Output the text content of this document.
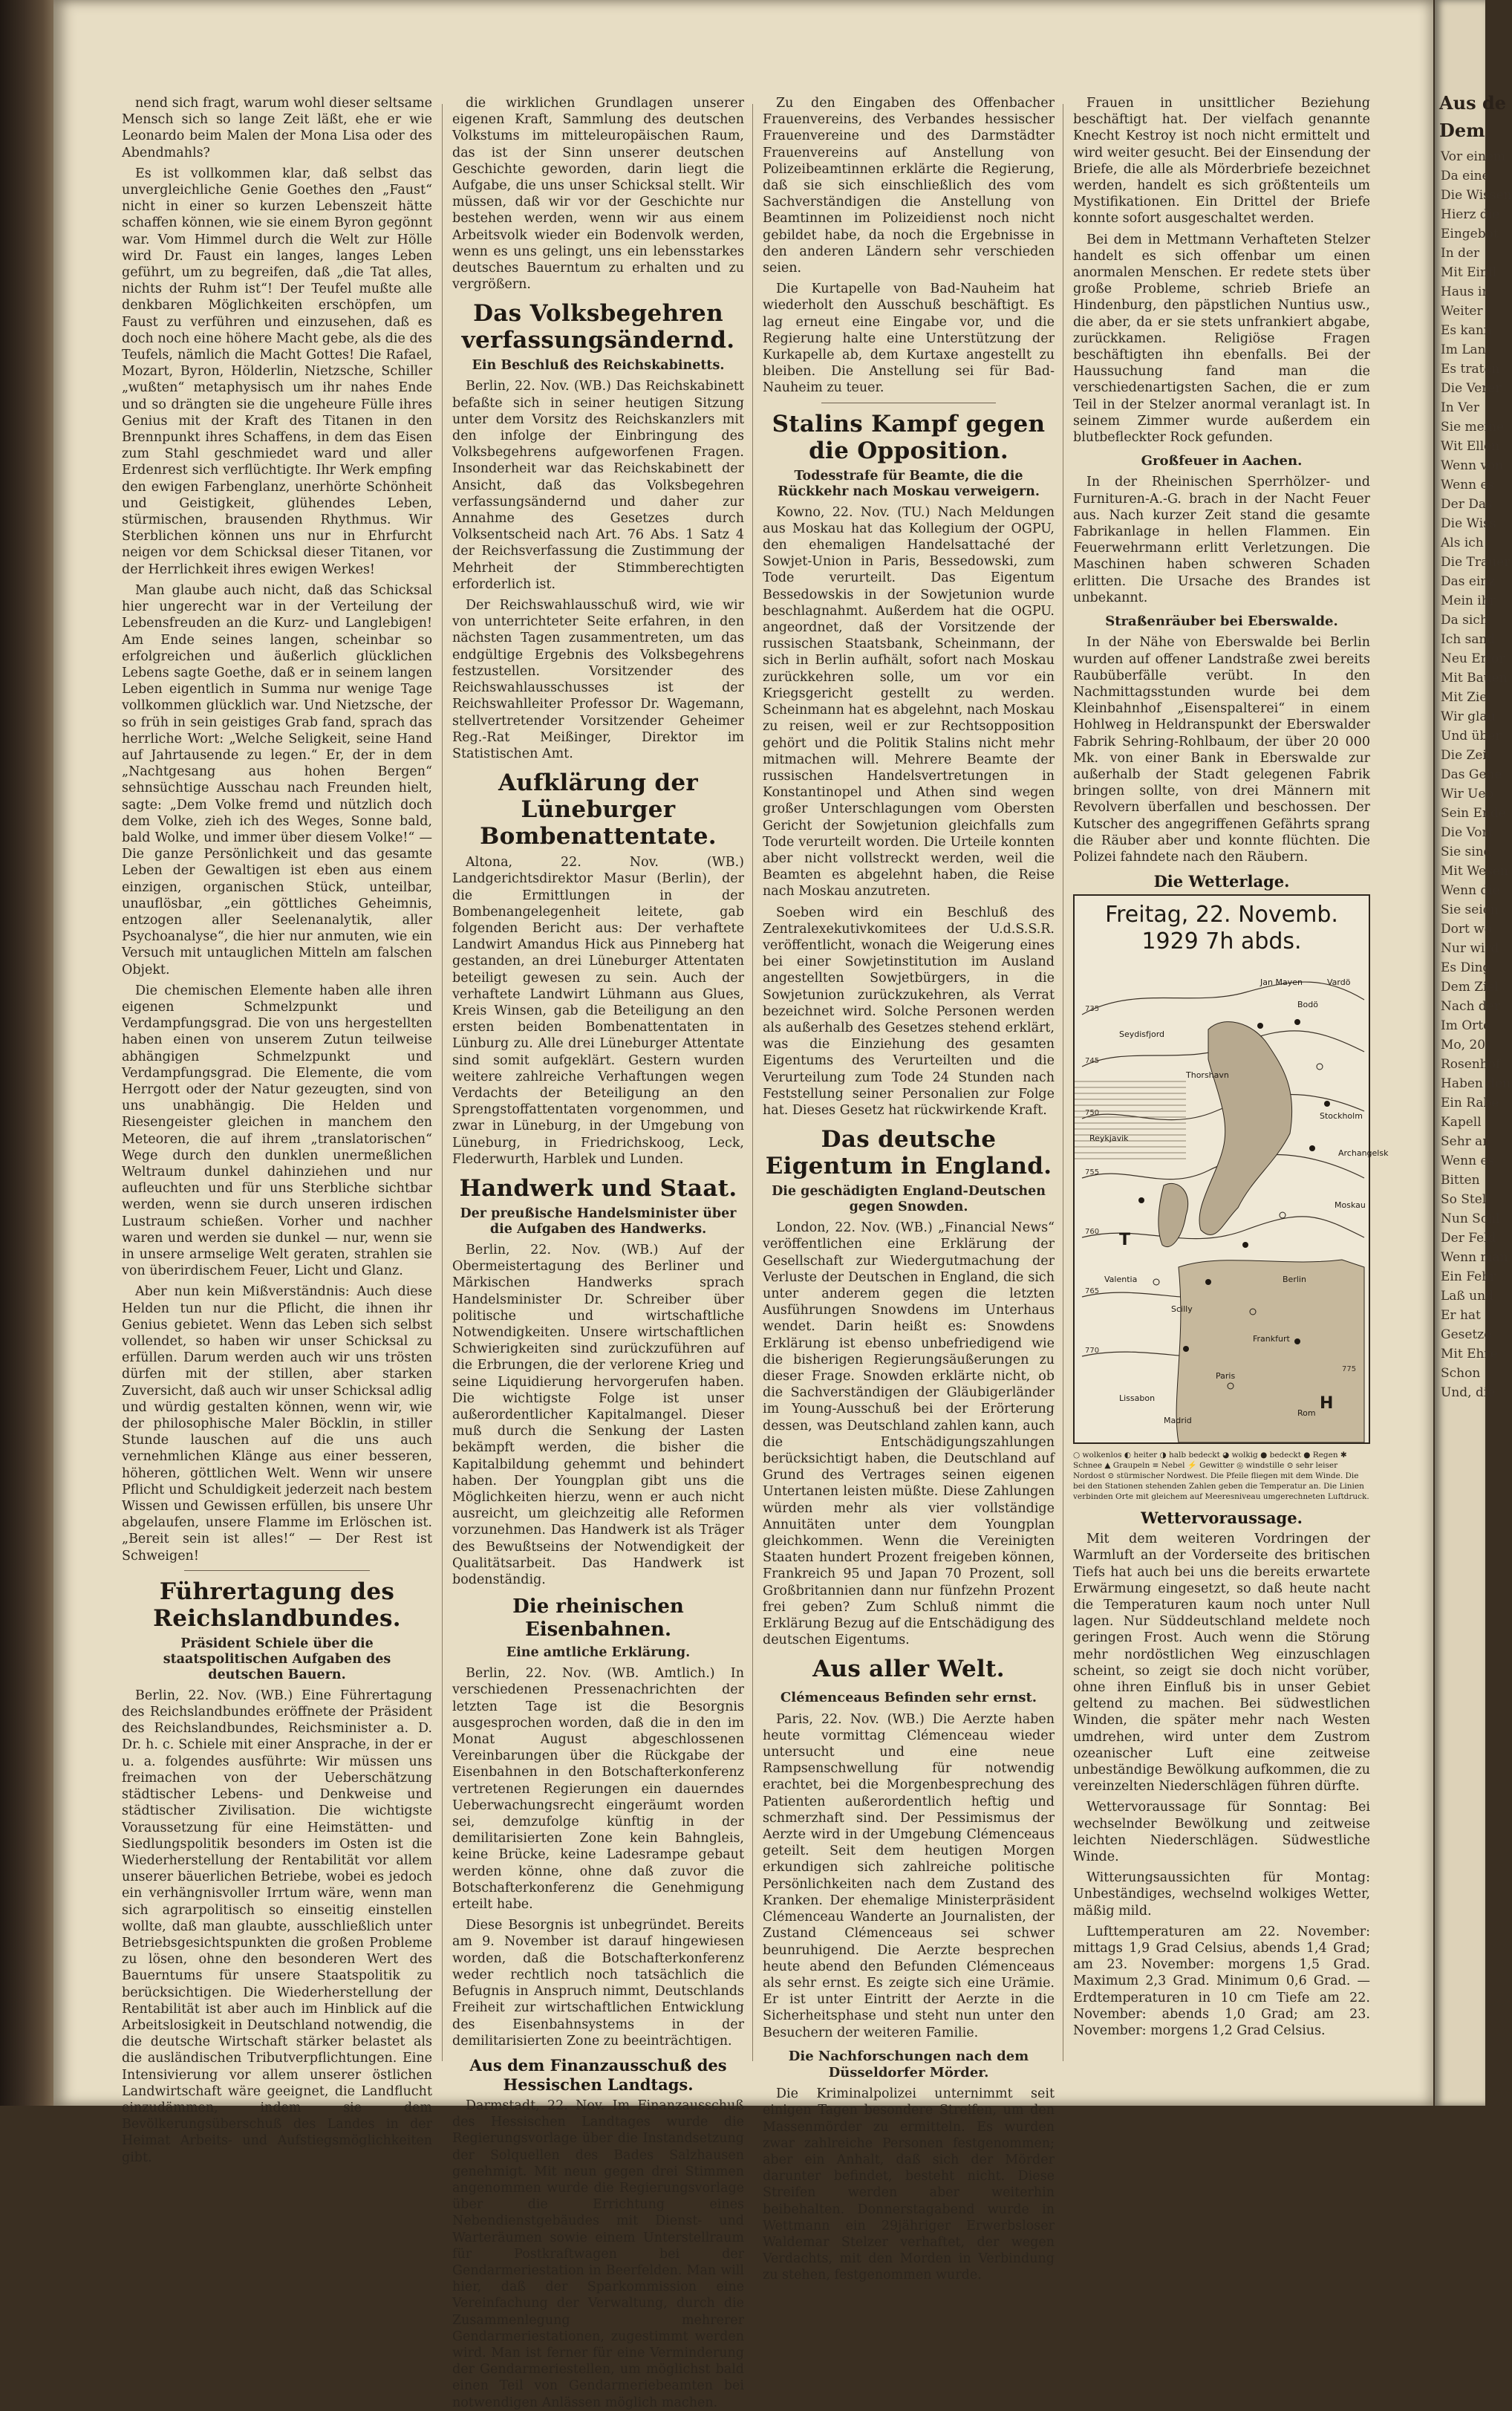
nend sich fragt, warum wohl dieser seltsame Mensch sich so lange Zeit läßt, ehe er wie Leonardo beim Malen der Mona Lisa oder des Abendmahls?

Es ist vollkommen klar, daß selbst das unvergleichliche Genie Goethes den „Faust“ nicht in einer so kurzen Lebenszeit hätte schaffen können, wie sie einem Byron gegönnt war. Vom Himmel durch die Welt zur Hölle wird Dr. Faust ein langes, langes Leben geführt, um zu begreifen, daß „die Tat alles, nichts der Ruhm ist“! Der Teufel mußte alle denkbaren Möglichkeiten erschöpfen, um Faust zu verführen und einzusehen, daß es doch noch eine höhere Macht gebe, als die des Teufels, nämlich die Macht Gottes! Die Rafael, Mozart, Byron, Hölderlin, Nietzsche, Schiller „wußten“ metaphysisch um ihr nahes Ende und so drängten sie die ungeheure Fülle ihres Genius mit der Kraft des Titanen in den Brennpunkt ihres Schaffens, in dem das Eisen zum Stahl geschmiedet ward und aller Erdenrest sich verflüchtigte. Ihr Werk empfing den ewigen Farbenglanz, unerhörte Schönheit und Geistigkeit, glühendes Leben, stürmischen, brausenden Rhythmus. Wir Sterblichen können uns nur in Ehrfurcht neigen vor dem Schicksal dieser Titanen, vor der Herrlichkeit ihres ewigen Werkes!

Man glaube auch nicht, daß das Schicksal hier ungerecht war in der Verteilung der Lebensfreuden an die Kurz- und Langlebigen! Am Ende seines langen, scheinbar so erfolgreichen und äußerlich glücklichen Lebens sagte Goethe, daß er in seinem langen Leben eigentlich in Summa nur wenige Tage vollkommen glücklich war. Und Nietzsche, der so früh in sein geistiges Grab fand, sprach das herrliche Wort: „Welche Seligkeit, seine Hand auf Jahrtausende zu legen.“ Er, der in dem „Nachtgesang aus hohen Bergen“ sehnsüchtige Ausschau nach Freunden hielt, sagte: „Dem Volke fremd und nützlich doch dem Volke, zieh ich des Weges, Sonne bald, bald Wolke, und immer über diesem Volke!“ — Die ganze Persönlichkeit und das gesamte Leben der Gewaltigen ist eben aus einem einzigen, organischen Stück, unteilbar, unauflösbar, „ein göttliches Geheimnis, entzogen aller Seelenanalytik, aller Psychoanalyse“, die hier nur anmuten, wie ein Versuch mit untauglichen Mitteln am falschen Objekt.

Die chemischen Elemente haben alle ihren eigenen Schmelzpunkt und Verdampfungsgrad. Die von uns hergestellten haben einen von unserem Zutun teilweise abhängigen Schmelzpunkt und Verdampfungsgrad. Die Elemente, die vom Herrgott oder der Natur gezeugten, sind von uns unabhängig. Die Helden und Riesengeister gleichen in manchem den Meteoren, die auf ihrem „translatorischen“ Wege durch den dunklen unermeßlichen Weltraum dunkel dahinziehen und nur aufleuchten und für uns Sterbliche sichtbar werden, wenn sie durch unseren irdischen Lustraum schießen. Vorher und nachher waren und werden sie dunkel — nur, wenn sie in unsere armselige Welt geraten, strahlen sie von überirdischem Feuer, Licht und Glanz.

Aber nun kein Mißverständnis: Auch diese Helden tun nur die Pflicht, die ihnen ihr Genius gebietet. Wenn das Leben sich selbst vollendet, so haben wir unser Schicksal zu erfüllen. Darum werden auch wir uns trösten dürfen mit der stillen, aber starken Zuversicht, daß auch wir unser Schicksal adlig und würdig gestalten können, wenn wir, wie der philosophische Maler Böcklin, in stiller Stunde lauschen auf die uns auch vernehmlichen Klänge aus einer besseren, höheren, göttlichen Welt. Wenn wir unsere Pflicht und Schuldigkeit jederzeit nach bestem Wissen und Gewissen erfüllen, bis unsere Uhr abgelaufen, unsere Flamme im Erlöschen ist. „Bereit sein ist alles!“ — Der Rest ist Schweigen!

Führertagung des Reichslandbundes.
Präsident Schiele über die staatspolitischen Aufgaben des deutschen Bauern.

Berlin, 22. Nov. (WB.) Eine Führertagung des Reichslandbundes eröffnete der Präsident des Reichslandbundes, Reichsminister a. D. Dr. h. c. Schiele mit einer Ansprache, in der er u. a. folgendes ausführte: Wir müssen uns freimachen von der Ueberschätzung städtischer Lebens- und Denkweise und städtischer Zivilisation. Die wichtigste Voraussetzung für eine Heimstätten- und Siedlungspolitik besonders im Osten ist die Wiederherstellung der Rentabilität vor allem unserer bäuerlichen Betriebe, wobei es jedoch ein verhängnisvoller Irrtum wäre, wenn man sich agrarpolitisch so einseitig einstellen wollte, daß man glaubte, ausschließlich unter Betriebsgesichtspunkten die großen Probleme zu lösen, ohne den besonderen Wert des Bauerntums für unsere Staatspolitik zu berücksichtigen. Die Wiederherstellung der Rentabilität ist aber auch im Hinblick auf die Arbeitslosigkeit in Deutschland notwendig, die die deutsche Wirtschaft stärker belastet als die ausländischen Tributverpflichtungen. Eine Intensivierung vor allem unserer östlichen Landwirtschaft wäre geeignet, die Landflucht einzudämmen, indem sie dem Bevölkerungsüberschuß des Landes in der Heimat Arbeits- und Aufstiegsmöglichkeiten gibt.

die wirklichen Grundlagen unserer eigenen Kraft, Sammlung des deutschen Volkstums im mitteleuropäischen Raum, das ist der Sinn unserer deutschen Geschichte geworden, darin liegt die Aufgabe, die uns unser Schicksal stellt. Wir müssen, daß wir vor der Geschichte nur bestehen werden, wenn wir aus einem Arbeitsvolk wieder ein Bodenvolk werden, wenn es uns gelingt, uns ein lebensstarkes deutsches Bauerntum zu erhalten und zu vergrößern.

Das Volksbegehren verfassungsändernd.
Ein Beschluß des Reichskabinetts.

Berlin, 22. Nov. (WB.) Das Reichskabinett befaßte sich in seiner heutigen Sitzung unter dem Vorsitz des Reichskanzlers mit den infolge der Einbringung des Volksbegehrens aufgeworfenen Fragen. Insonderheit war das Reichskabinett der Ansicht, daß das Volksbegehren verfassungsändernd und daher zur Annahme des Gesetzes durch Volksentscheid nach Art. 76 Abs. 1 Satz 4 der Reichsverfassung die Zustimmung der Mehrheit der Stimmberechtigten erforderlich ist.

Der Reichswahlausschuß wird, wie wir von unterrichteter Seite erfahren, in den nächsten Tagen zusammentreten, um das endgültige Ergebnis des Volksbegehrens festzustellen. Vorsitzender des Reichswahlausschusses ist der Reichswahlleiter Professor Dr. Wagemann, stellvertretender Vorsitzender Geheimer Reg.-Rat Meißinger, Direktor im Statistischen Amt.

Aufklärung der Lüneburger Bombenattentate.

Altona, 22. Nov. (WB.) Landgerichtsdirektor Masur (Berlin), der die Ermittlungen in der Bombenangelegenheit leitete, gab folgenden Bericht aus: Der verhaftete Landwirt Amandus Hick aus Pinneberg hat gestanden, an drei Lüneburger Attentaten beteiligt gewesen zu sein. Auch der verhaftete Landwirt Lühmann aus Glues, Kreis Winsen, gab die Beteiligung an den ersten beiden Bombenattentaten in Lünburg zu. Alle drei Lüneburger Attentate sind somit aufgeklärt. Gestern wurden weitere zahlreiche Verhaftungen wegen Verdachts der Beteiligung an den Sprengstoffattentaten vorgenommen, und zwar in Lüneburg, in der Umgebung von Lüneburg, in Friedrichskoog, Leck, Flederwurth, Harblek und Lunden.

Handwerk und Staat.
Der preußische Handelsminister über die Aufgaben des Handwerks.

Berlin, 22. Nov. (WB.) Auf der Obermeistertagung des Berliner und Märkischen Handwerks sprach Handelsminister Dr. Schreiber über politische und wirtschaftliche Notwendigkeiten. Unsere wirtschaftlichen Schwierigkeiten sind zurückzuführen auf die Erbrungen, die der verlorene Krieg und seine Liquidierung hervorgerufen haben. Die wichtigste Folge ist unser außerordentlicher Kapitalmangel. Dieser muß durch die Senkung der Lasten bekämpft werden, die bisher die Kapitalbildung gehemmt und behindert haben. Der Youngplan gibt uns die Möglichkeiten hierzu, wenn er auch nicht ausreicht, um gleichzeitig alle Reformen vorzunehmen. Das Handwerk ist als Träger des Bewußtseins der Notwendigkeit der Qualitätsarbeit. Das Handwerk ist bodenständig.

Die rheinischen Eisenbahnen.
Eine amtliche Erklärung.

Berlin, 22. Nov. (WB. Amtlich.) In verschiedenen Pressenachrichten der letzten Tage ist die Besorgnis ausgesprochen worden, daß die in den im Monat August abgeschlossenen Vereinbarungen über die Rückgabe der Eisenbahnen in den Botschafterkonferenz vertretenen Regierungen ein dauerndes Ueberwachungsrecht eingeräumt worden sei, demzufolge künftig in der demilitarisierten Zone kein Bahngleis, keine Brücke, keine Ladesrampe gebaut werden könne, ohne daß zuvor die Botschafterkonferenz die Genehmigung erteilt habe.

Diese Besorgnis ist unbegründet. Bereits am 9. November ist darauf hingewiesen worden, daß die Botschafterkonferenz weder rechtlich noch tatsächlich die Befugnis in Anspruch nimmt, Deutschlands Freiheit zur wirtschaftlichen Entwicklung des Eisenbahnsystems in der demilitarisierten Zone zu beeinträchtigen.

Aus dem Finanzausschuß des Hessischen Landtags.

Darmstadt, 22. Nov. Im Finanzausschuß des Hessischen Landtages wurde die Regierungsvorlage über die Instandsetzung der Solquellen des Bades Salzhausen genehmigt. Mit neun gegen drei Stimmen angenommen wurde die Regierungsvorlage über die Errichtung eines Nebendienstgebäudes mit Dienst- und Warteräumen sowie einem Unterstellraum für Postkraftwagen bei der Gendarmeriestation in Beerfelden. Man will hier, daß der Sparkommission eine Vereinfachung der Verwaltung, durch die Zusammenlegung mehrerer Gendarmeriestationen, zugestimmt werden wird. Man ist ferner für eine Verminderung der Gendarmeriestellen, um möglichst bald einen Teil von Gendarmeriebeamten bei notwendigen Anlässen möglich machen.

Zu den Eingaben des Offenbacher Frauenvereins, des Verbandes hessischer Frauenvereine und des Darmstädter Frauenvereins auf Anstellung von Polizeibeamtinnen erklärte die Regierung, daß sie sich einschließlich des vom Sachverständigen die Anstellung von Beamtinnen im Polizeidienst noch nicht gebildet habe, da noch die Ergebnisse in den anderen Ländern sehr verschieden seien.

Die Kurtapelle von Bad-Nauheim hat wiederholt den Ausschuß beschäftigt. Es lag erneut eine Eingabe vor, und die Regierung halte eine Unterstützung der Kurkapelle ab, dem Kurtaxe angestellt zu bleiben. Die Anstellung sei für Bad-Nauheim zu teuer.

Stalins Kampf gegen die Opposition.
Todesstrafe für Beamte, die die Rückkehr nach Moskau verweigern.

Kowno, 22. Nov. (TU.) Nach Meldungen aus Moskau hat das Kollegium der OGPU, den ehemaligen Handelsattaché der Sowjet-Union in Paris, Bessedowski, zum Tode verurteilt. Das Eigentum Bessedowskis in der Sowjetunion wurde beschlagnahmt. Außerdem hat die OGPU. angeordnet, daß der Vorsitzende der russischen Staatsbank, Scheinmann, der sich in Berlin aufhält, sofort nach Moskau zurückkehren solle, um vor ein Kriegsgericht gestellt zu werden. Scheinmann hat es abgelehnt, nach Moskau zu reisen, weil er zur Rechtsopposition gehört und die Politik Stalins nicht mehr mitmachen will. Mehrere Beamte der russischen Handelsvertretungen in Konstantinopel und Athen sind wegen großer Unterschlagungen vom Obersten Gericht der Sowjetunion gleichfalls zum Tode verurteilt worden. Die Urteile konnten aber nicht vollstreckt werden, weil die Beamten es abgelehnt haben, die Reise nach Moskau anzutreten.

Soeben wird ein Beschluß des Zentralexekutivkomitees der U.d.S.S.R. veröffentlicht, wonach die Weigerung eines bei einer Sowjetinstitution im Ausland angestellten Sowjetbürgers, in die Sowjetunion zurückzukehren, als Verrat bezeichnet wird. Solche Personen werden als außerhalb des Gesetzes stehend erklärt, was die Einziehung des gesamten Eigentums des Verurteilten und die Verurteilung zum Tode 24 Stunden nach Feststellung seiner Personalien zur Folge hat. Dieses Gesetz hat rückwirkende Kraft.

Das deutsche Eigentum in England.
Die geschädigten England-Deutschen gegen Snowden.

London, 22. Nov. (WB.) „Financial News“ veröffentlichen eine Erklärung der Gesellschaft zur Wiedergutmachung der Verluste der Deutschen in England, die sich unter anderem gegen die letzten Ausführungen Snowdens im Unterhaus wendet. Darin heißt es: Snowdens Erklärung ist ebenso unbefriedigend wie die bisherigen Regierungsäußerungen zu dieser Frage. Snowden erklärte nicht, ob die Sachverständigen der Gläubigerländer im Young-Ausschuß bei der Erörterung dessen, was Deutschland zahlen kann, auch die Entschädigungszahlungen berücksichtigt haben, die Deutschland auf Grund des Vertrages seinen eigenen Untertanen leisten müßte. Diese Zahlungen würden mehr als vier vollständige Annuitäten unter dem Youngplan gleichkommen. Wenn die Vereinigten Staaten hundert Prozent freigeben können, Frankreich 95 und Japan 70 Prozent, soll Großbritannien dann nur fünfzehn Prozent frei geben? Zum Schluß nimmt die Erklärung Bezug auf die Entschädigung des deutschen Eigentums.

Aus aller Welt.
Clémenceaus Befinden sehr ernst.

Paris, 22. Nov. (WB.) Die Aerzte haben heute vormittag Clémenceau wieder untersucht und eine neue Rampsenschwellung für notwendig erachtet, bei die Morgenbesprechung des Patienten außerordentlich heftig und schmerzhaft sind. Der Pessimismus der Aerzte wird in der Umgebung Clémenceaus geteilt. Seit dem heutigen Morgen erkundigen sich zahlreiche politische Persönlichkeiten nach dem Zustand des Kranken. Der ehemalige Ministerpräsident Clémenceau Wanderte an Journalisten, der Zustand Clémenceaus sei schwer beunruhigend. Die Aerzte besprechen heute abend den Befunden Clémenceaus als sehr ernst. Es zeigte sich eine Urämie. Er ist unter Eintritt der Aerzte in die Sicherheitsphase und steht nun unter den Besuchern der weiteren Familie.

Die Nachforschungen nach dem Düsseldorfer Mörder.

Die Kriminalpolizei unternimmt seit einigen Tagen besondere Streifen, um den Massenmörder zu ermitteln. Es wurden zwar zahlreiche Personen festgenommen; aber ein Anhalt, daß sich der Mörder darunter befindet, besteht nicht. Diese Streifen werden aber weiterhin beibehalten. Donnerstagabend wurde in Wettmann ein 29jähriger Erwerbsloser Waldemar Stelzer verhaftet, der wegen Verdachts, mit den Morden in Verbindung zu stehen, festgenommen wurde.

Frauen in unsittlicher Beziehung beschäftigt hat. Der vielfach genannte Knecht Kestroy ist noch nicht ermittelt und wird weiter gesucht. Bei der Einsendung der Briefe, die alle als Mörderbriefe bezeichnet werden, handelt es sich größtenteils um Mystifikationen. Ein Drittel der Briefe konnte sofort ausgeschaltet werden.

Bei dem in Mettmann Verhafteten Stelzer handelt es sich offenbar um einen anormalen Menschen. Er redete stets über große Probleme, schrieb Briefe an Hindenburg, den päpstlichen Nuntius usw., die aber, da er sie stets unfrankiert abgabe, zurückkamen. Religiöse Fragen beschäftigten ihn ebenfalls. Bei der Haussuchung fand man die verschiedenartigsten Sachen, die er zum Teil in der Stelzer anormal veranlagt ist. In seinem Zimmer wurde außerdem ein blutbefleckter Rock gefunden.

Großfeuer in Aachen.

In der Rheinischen Sperrhölzer- und Furnituren-A.-G. brach in der Nacht Feuer aus. Nach kurzer Zeit stand die gesamte Fabrikanlage in hellen Flammen. Ein Feuerwehrmann erlitt Verletzungen. Die Maschinen haben schweren Schaden erlitten. Die Ursache des Brandes ist unbekannt.

Straßenräuber bei Eberswalde.

In der Nähe von Eberswalde bei Berlin wurden auf offener Landstraße zwei bereits Raubüberfälle verübt. In den Nachmittagsstunden wurde bei dem Kleinbahnhof „Eisenspalterei“ in einem Hohlweg in Heldranspunkt der Eberswalder Fabrik Sehring-Rohlbaum, der über 20 000 Mk. von einer Bank in Eberswalde zur außerhalb der Stadt gelegenen Fabrik bringen sollte, von drei Männern mit Revolvern überfallen und beschossen. Der Kutscher des angegriffenen Gefährts sprang die Räuber aber und konnte flüchten. Die Polizei fahndete nach den Räubern.

Die Wetterlage.
Freitag, 22. Novemb. 1929 7h abds.
Jan Mayen
Seydisfjord
Thorshavn
Bodö
Vardö
Stockholm
Archangelsk
Reykjavik
Valentia
Scilly
Paris
Moskau
Berlin
Frankfurt
Lissabon
Rom
Madrid
735
745
750
755
760
765
770
775
T
H
○ wolkenlos ◐ heiter ◑ halb bedeckt ◕ wolkig ● bedeckt ● Regen ✱ Schnee ▲ Graupeln ≡ Nebel ⚡ Gewitter ◎ windstille ⊙ sehr leiser Nordost ⊙ stürmischer Nordwest. Die Pfeile fliegen mit dem Winde. Die bei den Stationen stehenden Zahlen geben die Temperatur an. Die Linien verbinden Orte mit gleichem auf Meeresniveau umgerechneten Luftdruck.
Wettervoraussage.

Mit dem weiteren Vordringen der Warmluft an der Vorderseite des britischen Tiefs hat auch bei uns die bereits erwartete Erwärmung eingesetzt, so daß heute nacht die Temperaturen kaum noch unter Null lagen. Nur Süddeutschland meldete noch geringen Frost. Auch wenn die Störung mehr nordöstlichen Weg einzuschlagen scheint, so zeigt sie doch nicht vorüber, ohne ihren Einfluß bis in unser Gebiet geltend zu machen. Bei südwestlichen Winden, die später mehr nach Westen umdrehen, wird unter dem Zustrom ozeanischer Luft eine zeitweise unbeständige Bewölkung aufkommen, die zu vereinzelten Niederschlägen führen dürfte.

Wettervoraussage für Sonntag: Bei wechselnder Bewölkung und zeitweise leichten Niederschlägen. Südwestliche Winde.

Witterungsaussichten für Montag: Unbeständiges, wechselnd wolkiges Wetter, mäßig mild.

Lufttemperaturen am 22. November: mittags 1,9 Grad Celsius, abends 1,4 Grad; am 23. November: morgens 1,5 Grad. Maximum 2,3 Grad. Minimum 0,6 Grad. — Erdtemperaturen in 10 cm Tiefe am 22. November: abends 1,0 Grad; am 23. November: morgens 1,2 Grad Celsius.

Aus de
Dem
Vor einem
Da eine
Die Wissen
Hierz die
Eingebot
In der
Mit Einfl
Haus in
Weiter
Es kann
Im Lan
Es traten
Die Verer
In Ver
Sie meine
Wit Ellen
Wenn von
Wenn es
Der Das
Die Wiss
Als ich
Die Trauer
Das einz
Mein ihr
Da sich
Ich sand
Neu Erfor
Mit Bauen
Mit Ziel
Wir glau
Und über
Die Zeit
Das Gehe
Wir Ueb
Sein Ende
Die Vort
Sie sind
Mit Wesen
Wenn die
Sie seien
Dort wo
Nur wird
Es Ding
Dem Ziel
Nach der
Im Orte
Mo, 20
Rosenhof
Haben den
Ein Rabe
Kapell
Sehr an
Wenn es
Bitten
So Stell
Nun Schl
Der Feld
Wenn man
Ein Fehr
Laß und
Er hat
Gesetze
Mit Ehre
Schon
Und, die
